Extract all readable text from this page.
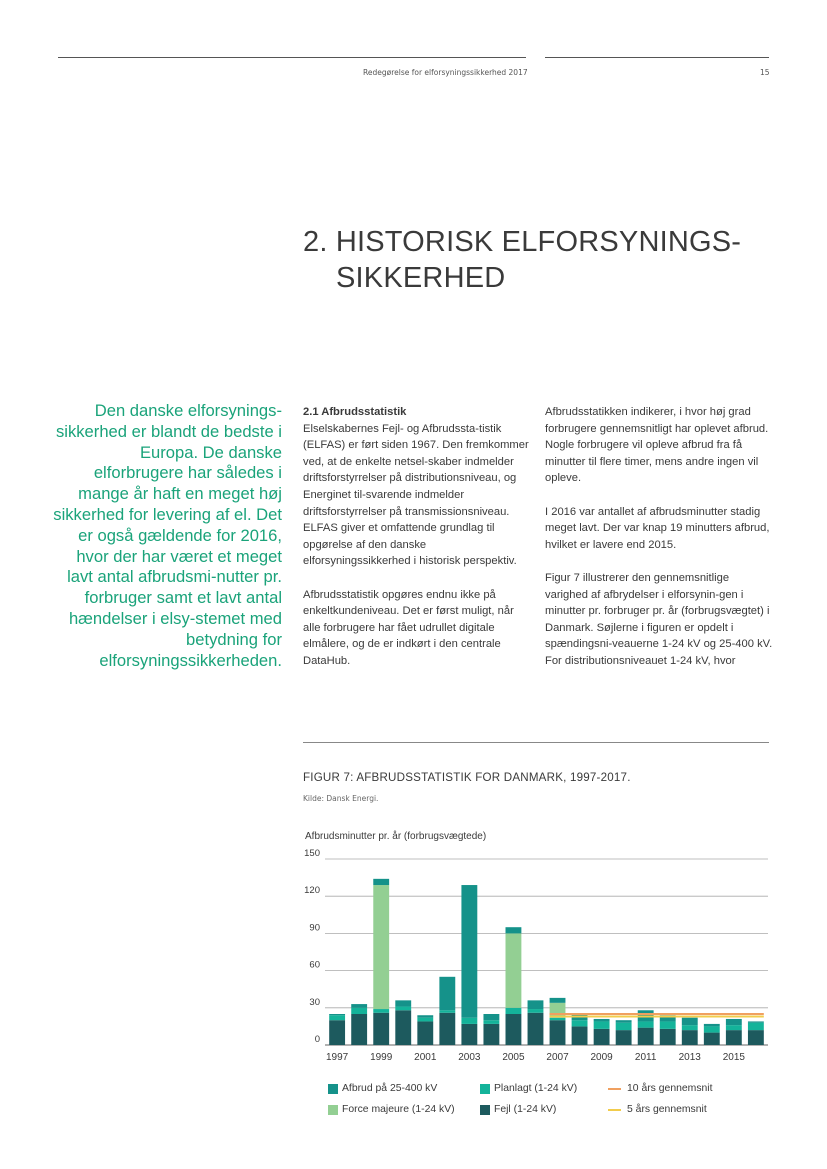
Redegørelse for elforsyningssikkerhed 2017	15
2. HISTORISK ELFORSYNINGS-
SIKKERHED
Den danske elforsynings-sikkerhed er blandt de bedste i Europa. De danske elforbrugere har således i mange år haft en meget høj sikkerhed for levering af el. Det er også gældende for 2016, hvor der har været et meget lavt antal afbrudsmi-nutter pr. forbruger samt et lavt antal hændelser i elsy-stemet med betydning for elforsyningssikkerheden.
2.1 Afbrudsstatistik

Elselskabernes Fejl- og Afbrudssta-tistik (ELFAS) er ført siden 1967. Den fremkommer ved, at de enkelte netsel-skaber indmelder driftsforstyrrelser på distributionsniveau, og Energinet til-svarende indmelder driftsforstyrrelser på transmissionsniveau. ELFAS giver et omfattende grundlag til opgørelse af den danske elforsyningssikkerhed i historisk perspektiv.

Afbrudsstatistik opgøres endnu ikke på enkeltkundeniveau. Det er først muligt, når alle forbrugere har fået udrullet digitale elmålere, og de er indkørt i den centrale DataHub.

Afbrudsstatikken indikerer, i hvor høj grad forbrugere gennemsnitligt har oplevet afbrud. Nogle forbrugere vil opleve afbrud fra få minutter til flere timer, mens andre ingen vil opleve.

I 2016 var antallet af afbrudsminutter stadig meget lavt. Der var knap 19 minutters afbrud, hvilket er lavere end 2015.

Figur 7 illustrerer den gennemsnitlige varighed af afbrydelser i elforsynin-gen i minutter pr. forbruger pr. år (forbrugsvægtet) i Danmark. Søjlerne i figuren er opdelt i spændingsni-veauerne 1-24 kV og 25-400 kV. For distributionsniveauet 1-24 kV, hvor

FIGUR 7: AFBRUDSSTATISTIK FOR DANMARK, 1997-2017.
Kilde: Dansk Energi.
Afbrudsminutter pr. år (forbrugsvægtede)
0
30
60
90
120
150
1997 1999 2001 2003 2005 2007 2009 2011 2013 2015
Afbrud på 25-400 kV	Planlagt (1-24 kV)	10 års gennemsnit
Force majeure (1-24 kV)	Fejl (1-24 kV)	5 års gennemsnit
